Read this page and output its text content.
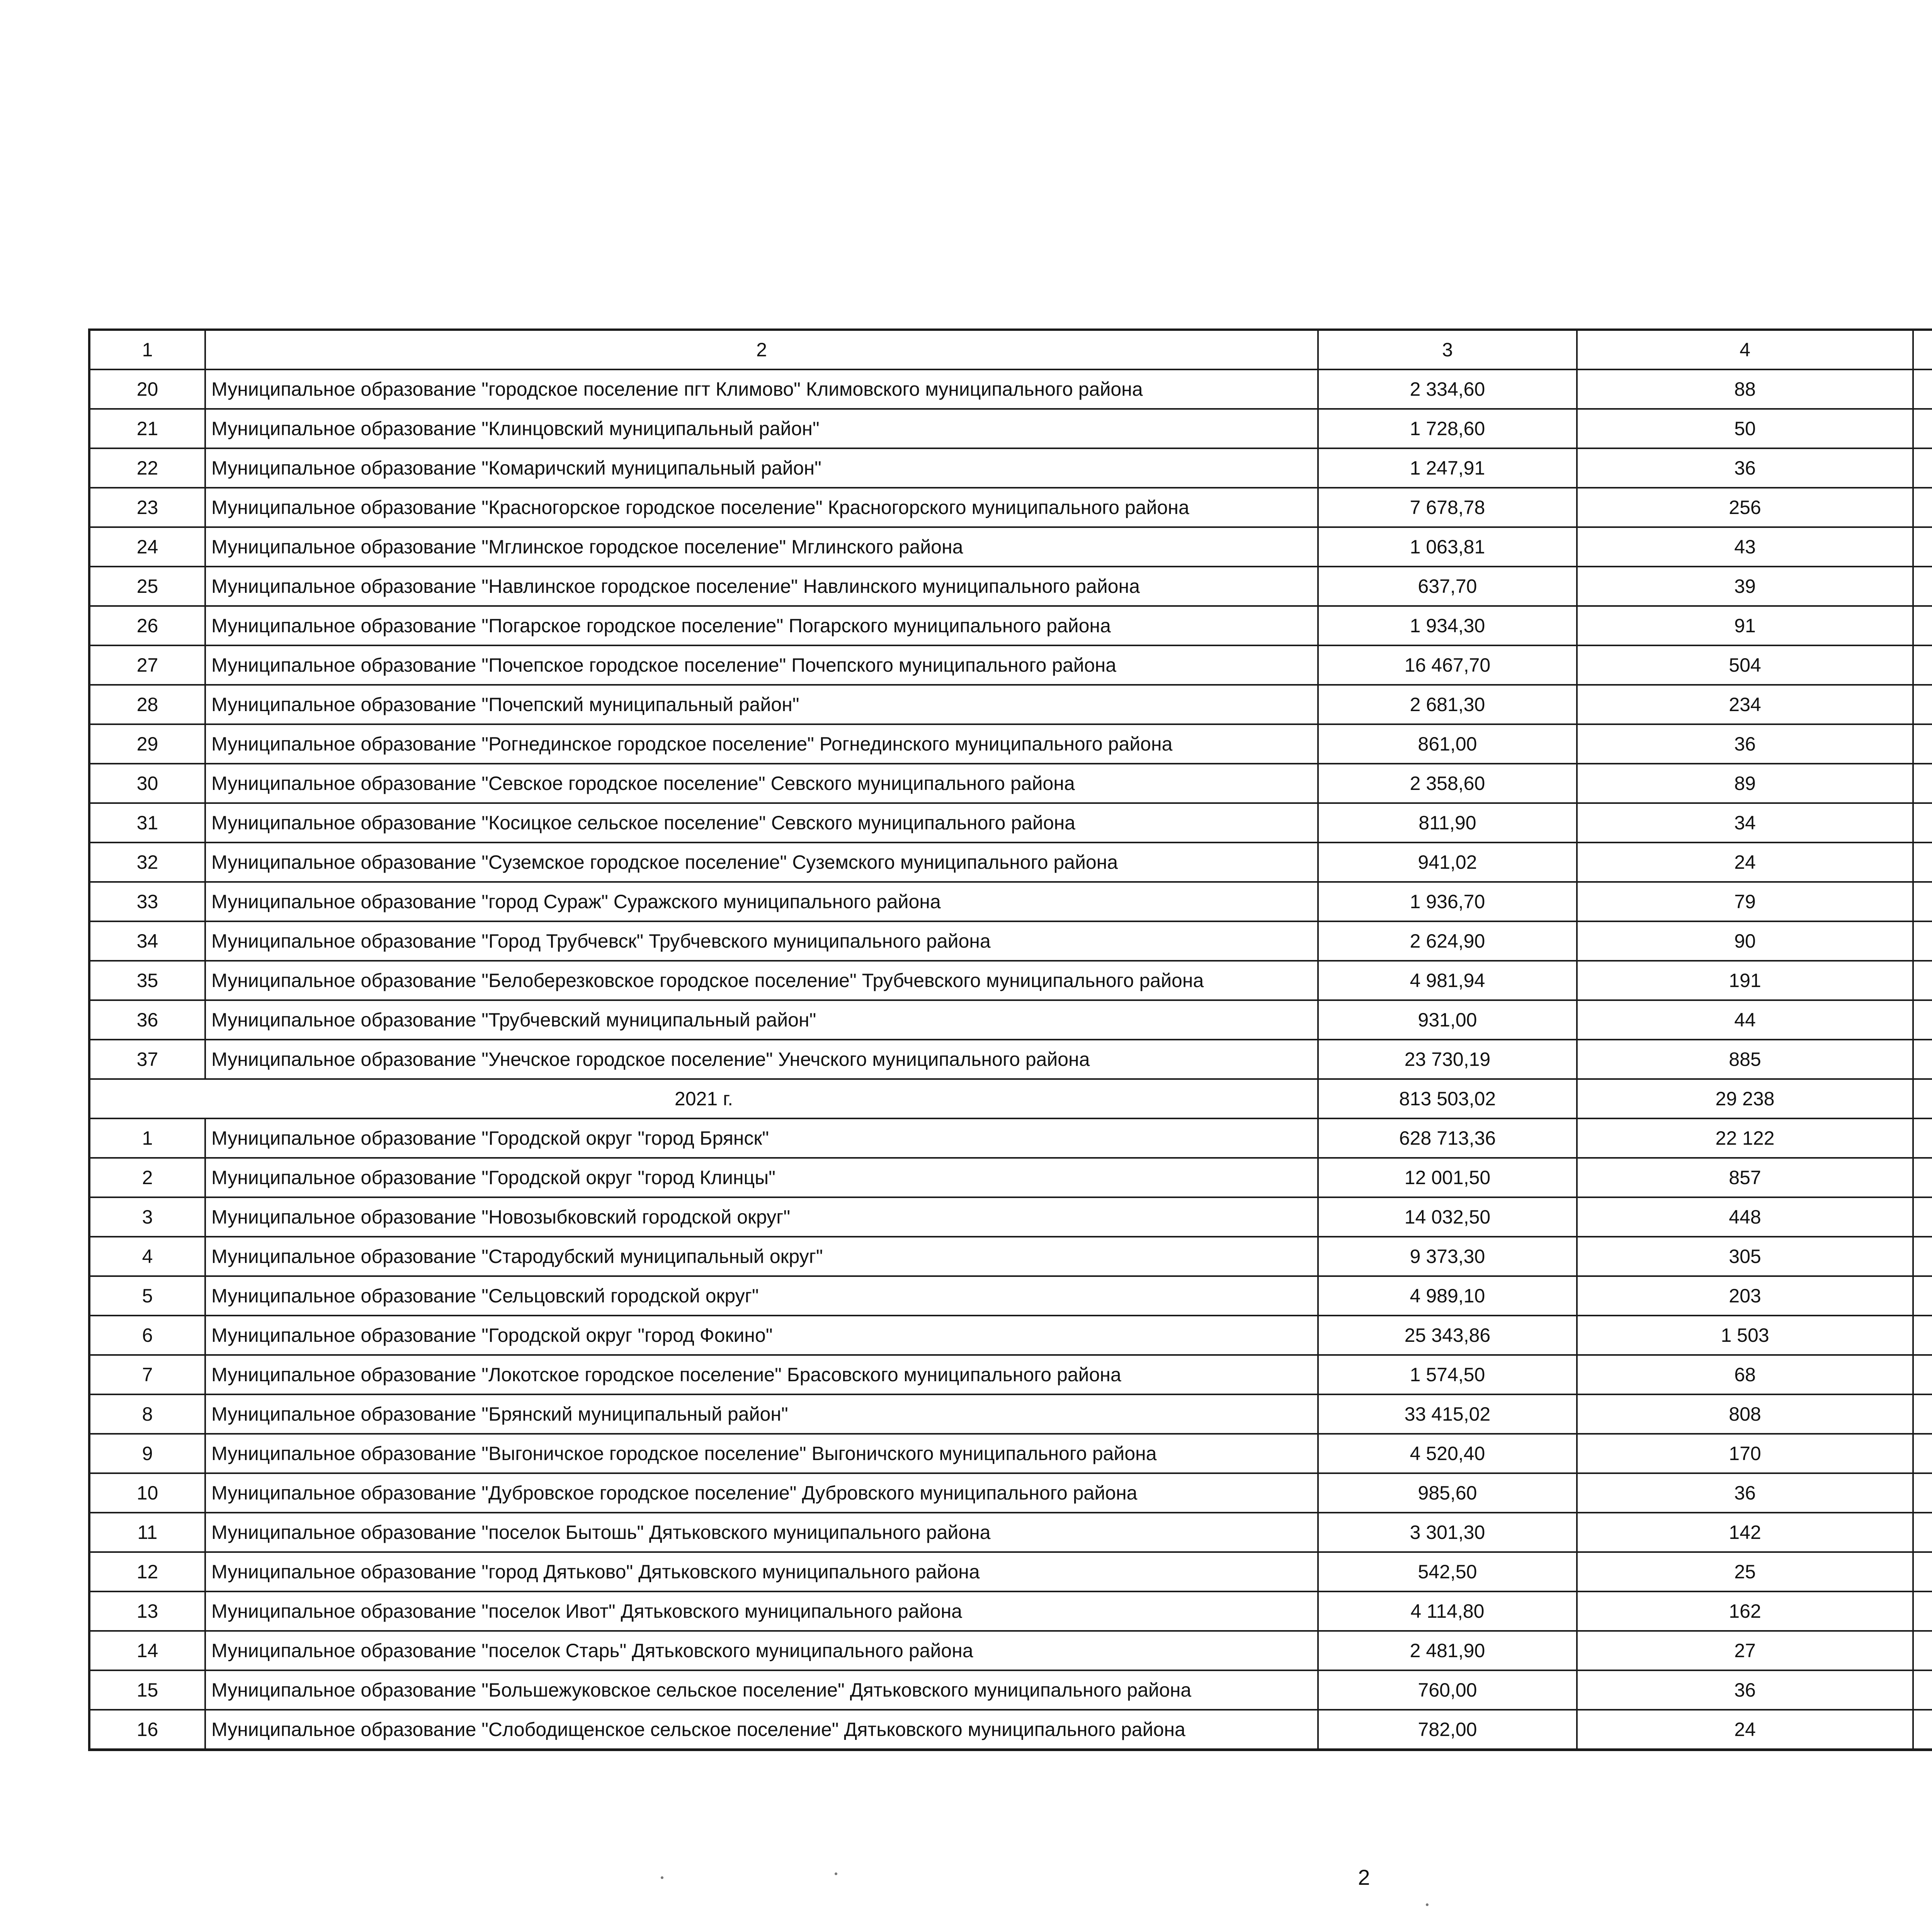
1	2	3	4		
20	Муниципальное образование "городское поселение пгт Климово" Климовского муниципального района	2 334,60	88		
21	Муниципальное образование "Клинцовский муниципальный район"	1 728,60	50		
22	Муниципальное образование "Комаричский муниципальный район"	1 247,91	36		
23	Муниципальное образование "Красногорское городское поселение" Красногорского муниципального района	7 678,78	256		
24	Муниципальное образование "Мглинское городское поселение" Мглинского района	1 063,81	43		
25	Муниципальное образование "Навлинское городское поселение" Навлинского муниципального района	637,70	39		
26	Муниципальное образование "Погарское городское поселение" Погарского муниципального района	1 934,30	91		
27	Муниципальное образование "Почепское городское поселение" Почепского муниципального района	16 467,70	504		
28	Муниципальное образование "Почепский муниципальный район"	2 681,30	234		
29	Муниципальное образование "Рогнединское городское поселение" Рогнединского муниципального района	861,00	36		
30	Муниципальное образование "Севское городское поселение" Севского муниципального района	2 358,60	89		
31	Муниципальное образование "Косицкое сельское поселение" Севского муниципального района	811,90	34		
32	Муниципальное образование "Суземское городское поселение" Суземского муниципального района	941,02	24		
33	Муниципальное образование "город Сураж" Суражского муниципального района	1 936,70	79		
34	Муниципальное образование "Город Трубчевск" Трубчевского муниципального района	2 624,90	90		
35	Муниципальное образование "Белоберезковское городское поселение" Трубчевского муниципального района	4 981,94	191		
36	Муниципальное образование "Трубчевский муниципальный район"	931,00	44		
37	Муниципальное образование "Унечское городское поселение" Унечского муниципального района	23 730,19	885		
2021 г.		813 503,02	29 238		
1	Муниципальное образование "Городской округ "город Брянск"	628 713,36	22 122		
2	Муниципальное образование "Городской округ "город Клинцы"	12 001,50	857		
3	Муниципальное образование "Новозыбковский городской округ"	14 032,50	448		
4	Муниципальное образование "Стародубский муниципальный округ"	9 373,30	305		
5	Муниципальное образование "Сельцовский городской округ"	4 989,10	203		
6	Муниципальное образование "Городской округ "город Фокино"	25 343,86	1 503		
7	Муниципальное образование "Локотское городское поселение" Брасовского муниципального района	1 574,50	68		
8	Муниципальное образование "Брянский муниципальный район"	33 415,02	808		
9	Муниципальное образование "Выгоничское городское поселение" Выгоничского муниципального района	4 520,40	170		
10	Муниципальное образование "Дубровское городское поселение" Дубровского муниципального района	985,60	36		
11	Муниципальное образование "поселок Бытошь" Дятьковского муниципального района	3 301,30	142		
12	Муниципальное образование "город Дятьково" Дятьковского муниципального района	542,50	25		
13	Муниципальное образование "поселок Ивот" Дятьковского муниципального района	4 114,80	162		
14	Муниципальное образование "поселок Старь" Дятьковского муниципального района	2 481,90	27		
15	Муниципальное образование "Большежуковское сельское поселение" Дятьковского муниципального района	760,00	36		
16	Муниципальное образование "Слободищенское сельское поселение" Дятьковского муниципального района	782,00	24		
2
